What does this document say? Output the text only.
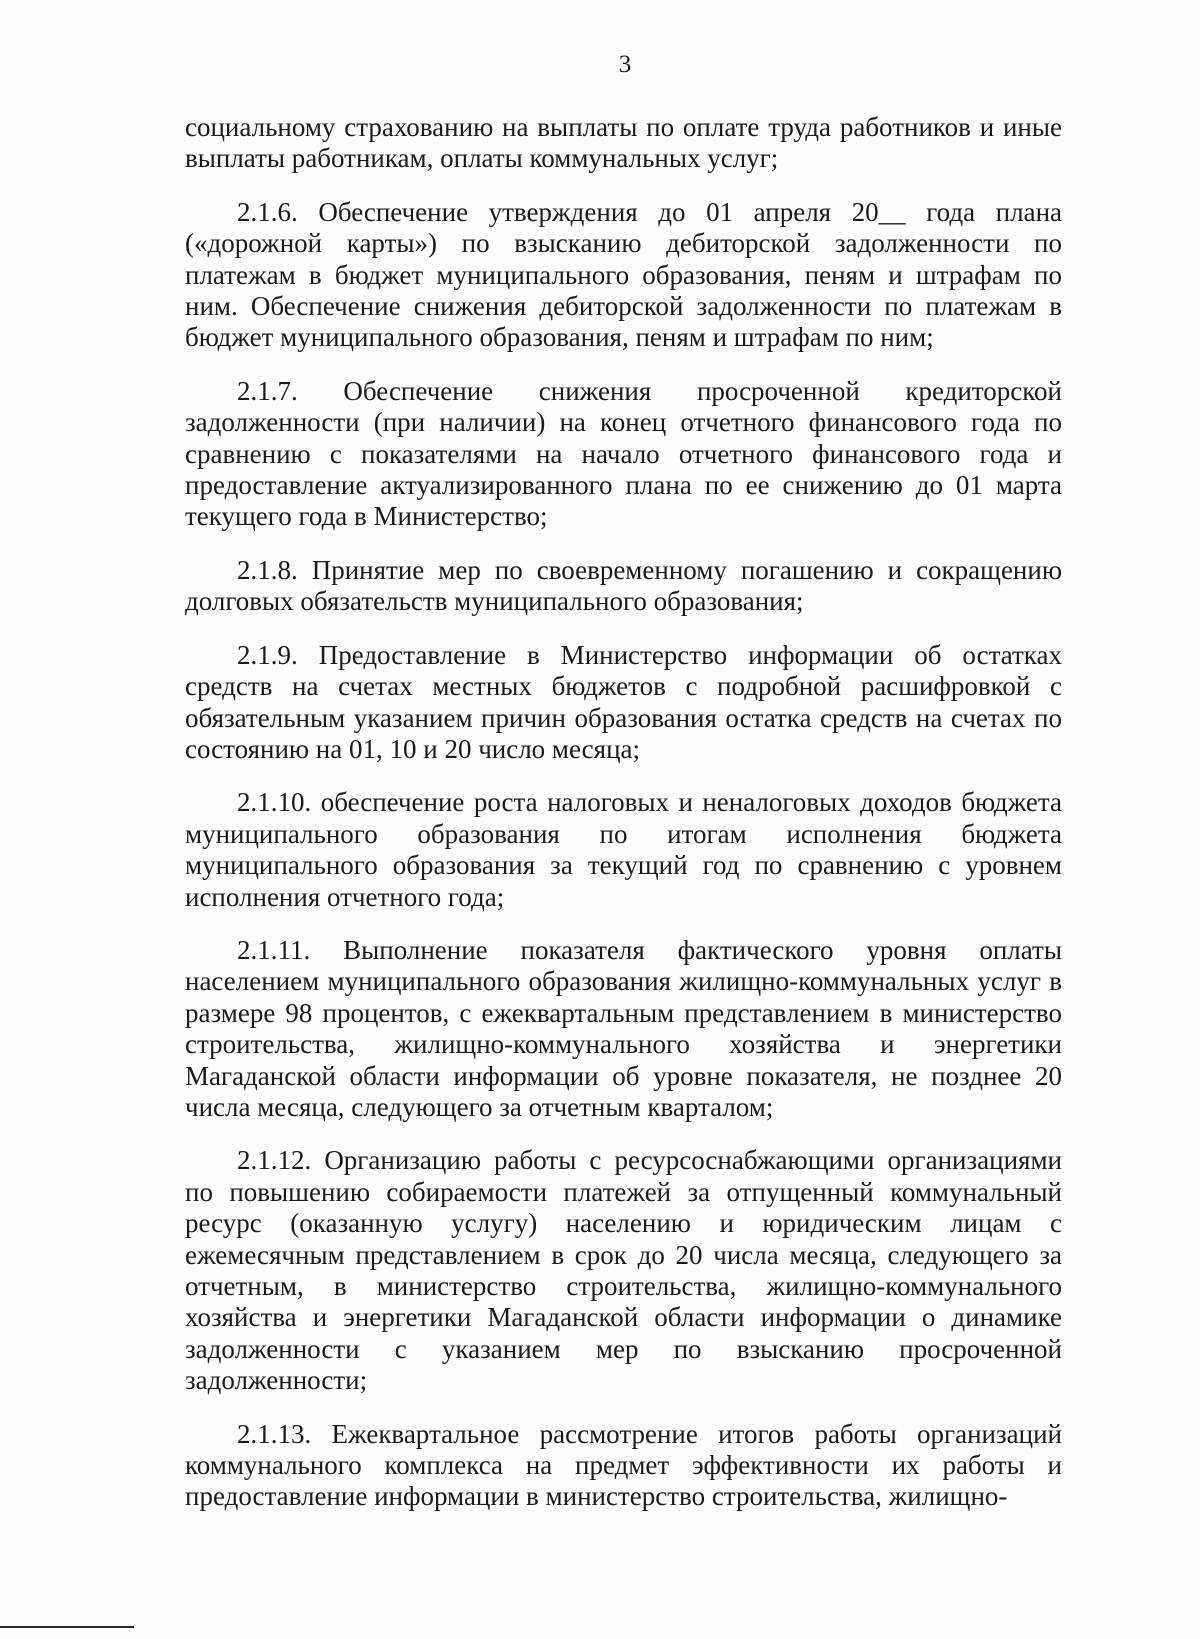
3

социальному страхованию на выплаты по оплате труда работников и иные выплаты работникам, оплаты коммунальных услуг;

2.1.6. Обеспечение утверждения до 01 апреля 20__ года плана («дорожной карты») по взысканию дебиторской задолженности по платежам в бюджет муниципального образования, пеням и штрафам по ним. Обеспечение снижения дебиторской задолженности по платежам в бюджет муниципального образования, пеням и штрафам по ним;

2.1.7. Обеспечение снижения просроченной кредиторской задолженности (при наличии) на конец отчетного финансового года по сравнению с показателями на начало отчетного финансового года и предоставление актуализированного плана по ее снижению до 01 марта текущего года в Министерство;

2.1.8. Принятие мер по своевременному погашению и сокращению долговых обязательств муниципального образования;

2.1.9. Предоставление в Министерство информации об остатках средств на счетах местных бюджетов с подробной расшифровкой с обязательным указанием причин образования остатка средств на счетах по состоянию на 01, 10 и 20 число месяца;

2.1.10. обеспечение роста налоговых и неналоговых доходов бюджета муниципального образования по итогам исполнения бюджета муниципального образования за текущий год по сравнению с уровнем исполнения отчетного года;

2.1.11. Выполнение показателя фактического уровня оплаты населением муниципального образования жилищно-коммунальных услуг в размере 98 процентов, с ежеквартальным представлением в министерство строительства, жилищно-коммунального хозяйства и энергетики Магаданской области информации об уровне показателя, не позднее 20 числа месяца, следующего за отчетным кварталом;

2.1.12. Организацию работы с ресурсоснабжающими организациями по повышению собираемости платежей за отпущенный коммунальный ресурс (оказанную услугу) населению и юридическим лицам с ежемесячным представлением в срок до 20 числа месяца, следующего за отчетным, в министерство строительства, жилищно-коммунального хозяйства и энергетики Магаданской области информации о динамике задолженности с указанием мер по взысканию просроченной задолженности;

2.1.13. Ежеквартальное рассмотрение итогов работы организаций коммунального комплекса на предмет эффективности их работы и предоставление информации в министерство строительства, жилищно-
